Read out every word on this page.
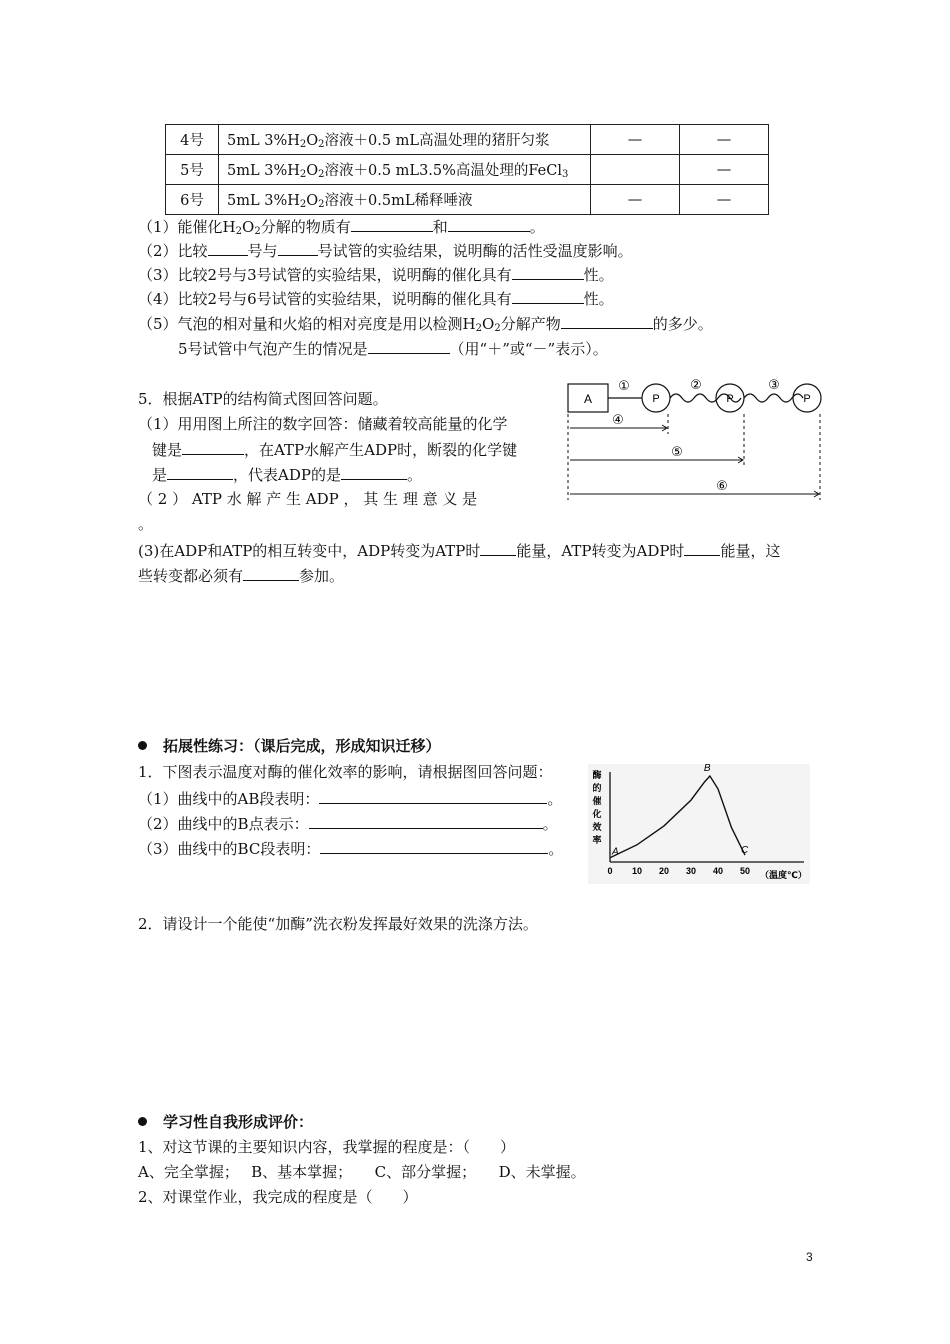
4号	5mL $3\%H_2O_2$溶液＋0.5 mL高温处理的猪肝匀浆	—	—
5号	5mL $3\%H_2O_2$溶液＋0.5 mL3.5%高温处理的FeCl$_3$		—
6号	5mL $3\%H_2O_2$溶液＋0.5mL稀释唾液	—	—
（1）能催化$H_2O_2$分解的物质有	和	。
（2）比较	号与	号试管的实验结果，说明酶的活性受温度影响。
（3）比较2号与3号试管的实验结果，说明酶的催化具有	性。
（4）比较2号与6号试管的实验结果，说明酶的催化具有	性。
（5）气泡的相对量和火焰的相对亮度是用以检测$H_2O_2$分解产物	的多少。
5号试管中气泡产生的情况是	（用“＋”或“－”表示）。
5．根据ATP的结构简式图回答问题。
（1）用用图上所注的数字回答：储藏着较高能量的化学
键是	，在ATP水解产生ADP时，断裂的化学键
是	，代表ADP的是	。
（ 2 ） ATP 水 解 产 生 ADP ， 其 生 理 意 义 是
。
(3)在ADP和ATP的相互转变中，ADP转变为ATP时 能量，ATP转变为ADP时 能量，这
些转变都必须有	参加。
A	P	P	P
①	②	③
④
⑤
⑥
拓展性练习：（课后完成，形成知识迁移）
1．下图表示温度对酶的催化效率的影响，请根据图回答问题：
（1）曲线中的AB段表明：	。
（2）曲线中的B点表示：	。
（3）曲线中的BC段表明：	。
酶
的
催
化
效
率
0 10 20 30 40 50
A
B
C
（温度℃）
2．请设计一个能使“加酶”洗衣粉发挥最好效果的洗涤方法。
学习性自我形成评价：
1、对这节课的主要知识内容，我掌握的程度是：（　　）
A、完全掌握；　 B、基本掌握；　　C、部分掌握；　　D、未掌握。
2、对课堂作业，我完成的程度是（　　）
3
